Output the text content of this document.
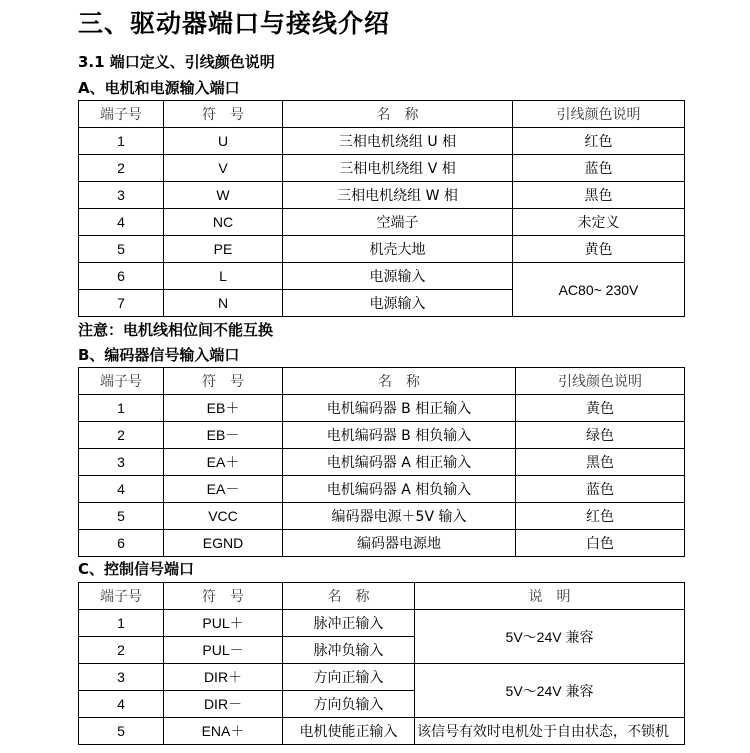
三、驱动器端口与接线介绍
3.1 端口定义、引线颜色说明
A、电机和电源输入端口
端子号	符　号	名　称	引线颜色说明
1	U	三相电机绕组 U 相	红色
2	V	三相电机绕组 V 相	蓝色
3	W	三相电机绕组 W 相	黑色
4	NC	空端子	未定义
5	PE	机壳大地	黄色
6	L	电源输入	AC80~ 230V
7	N	电源输入	
注意：电机线相位间不能互换
B、编码器信号输入端口
端子号	符　号	名　称	引线颜色说明
1	EB＋	电机编码器 B 相正输入	黄色
2	EB－	电机编码器 B 相负输入	绿色
3	EA＋	电机编码器 A 相正输入	黑色
4	EA－	电机编码器 A 相负输入	蓝色
5	VCC	编码器电源＋5V 输入	红色
6	EGND	编码器电源地	白色
C、控制信号端口
端子号	符　号	名　称	说　明
1	PUL＋	脉冲正输入	5V～24V 兼容
2	PUL－	脉冲负输入	
3	DIR＋	方向正输入	5V～24V 兼容
4	DIR－	方向负输入	
5	ENA＋	电机使能正输入	该信号有效时电机处于自由状态，不锁机
